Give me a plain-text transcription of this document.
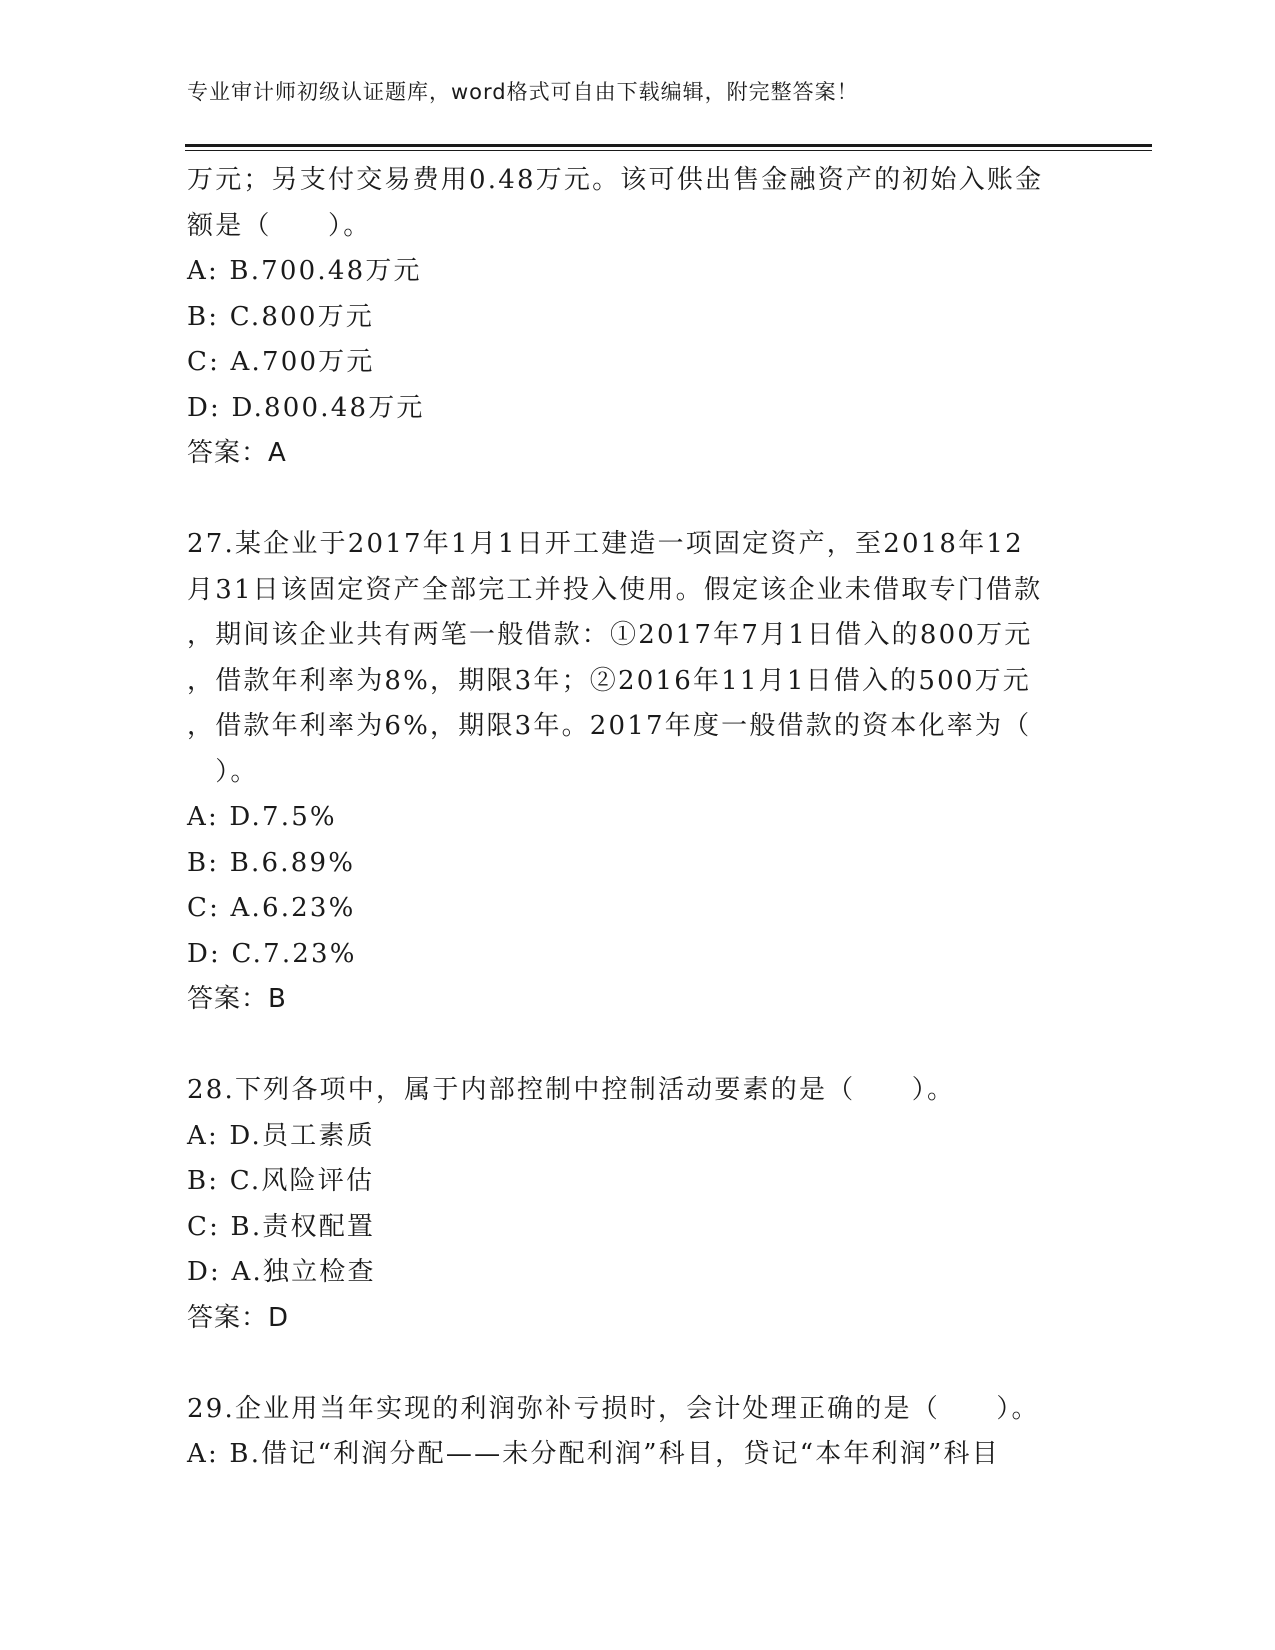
专业审计师初级认证题库，word格式可自由下载编辑，附完整答案！
万元；另支付交易费用0.48万元。该可供出售金融资产的初始入账金
额是（　　）。
A: B.700.48万元
B: C.800万元
C: A.700万元
D: D.800.48万元
答案：A
27.某企业于2017年1月1日开工建造一项固定资产，至2018年12
月31日该固定资产全部完工并投入使用。假定该企业未借取专门借款
，期间该企业共有两笔一般借款：①2017年7月1日借入的800万元
，借款年利率为8%，期限3年；②2016年11月1日借入的500万元
，借款年利率为6%，期限3年。2017年度一般借款的资本化率为（
　）。
A: D.7.5%
B: B.6.89%
C: A.6.23%
D: C.7.23%
答案：B
28.下列各项中，属于内部控制中控制活动要素的是（　　）。
A: D.员工素质
B: C.风险评估
C: B.责权配置
D: A.独立检查
答案：D
29.企业用当年实现的利润弥补亏损时，会计处理正确的是（　　）。
A: B.借记“利润分配——未分配利润”科目，贷记“本年利润”科目
